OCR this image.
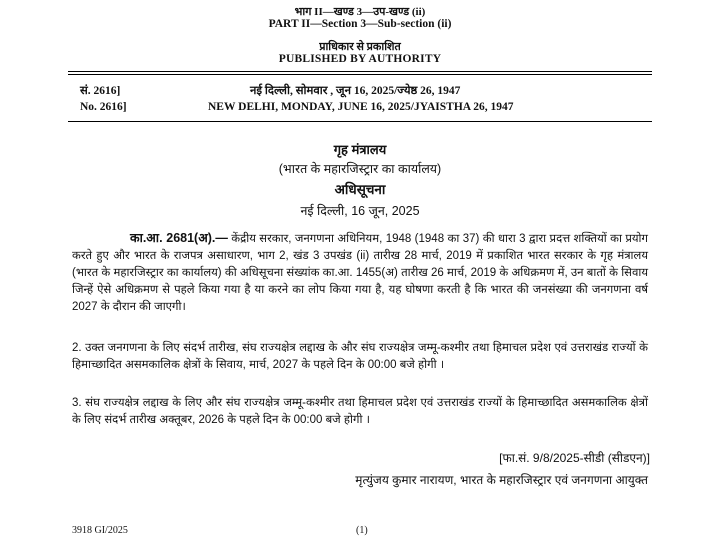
भाग II—खण्ड 3—उप-खण्ड (ii)
PART II—Section 3—Sub-section (ii)
प्राधिकार से प्रकाशित
PUBLISHED BY AUTHORITY
सं. 2616]	नई दिल्ली, सोमवार , जून 16, 2025/ज्येष्ठ 26, 1947
No. 2616]	NEW DELHI, MONDAY, JUNE 16, 2025/JYAISTHA 26, 1947
गृह मंत्रालय
(भारत के महारजिस्ट्रार का कार्यालय)
अधिसूचना
नई दिल्ली, 16 जून, 2025
का.आ. 2681(अ).— केंद्रीय सरकार, जनगणना अधिनियम, 1948 (1948 का 37) की धारा 3 द्वारा प्रदत्त शक्तियों का प्रयोग करते हुए और भारत के राजपत्र असाधारण, भाग 2, खंड 3 उपखंड (ii) तारीख 28 मार्च, 2019 में प्रकाशित भारत सरकार के गृह मंत्रालय (भारत के महारजिस्ट्रार का कार्यालय) की अधिसूचना संख्यांक का.आ. 1455(अ) तारीख 26 मार्च, 2019 के अधिक्रमण में, उन बातों के सिवाय जिन्हें ऐसे अधिक्रमण से पहले किया गया है या करने का लोप किया गया है, यह घोषणा करती है कि भारत की जनसंख्या की जनगणना वर्ष 2027 के दौरान की जाएगी।
2. उक्त जनगणना के लिए संदर्भ तारीख, संघ राज्यक्षेत्र लद्दाख के और संघ राज्यक्षेत्र जम्मू-कश्मीर तथा हिमाचल प्रदेश एवं उत्तराखंड राज्यों के हिमाच्छादित असमकालिक क्षेत्रों के सिवाय, मार्च, 2027 के पहले दिन के 00:00 बजे होगी ।
3. संघ राज्यक्षेत्र लद्दाख के लिए और संघ राज्यक्षेत्र जम्मू-कश्मीर तथा हिमाचल प्रदेश एवं उत्तराखंड राज्यों के हिमाच्छादित असमकालिक क्षेत्रों के लिए संदर्भ तारीख अक्तूबर, 2026 के पहले दिन के 00:00 बजे होगी ।
[फा.सं. 9/8/2025-सीडी (सीडएन)]
मृत्युंजय कुमार नारायण, भारत के महारजिस्ट्रार एवं जनगणना आयुक्त
3918 GI/2025	(1)
